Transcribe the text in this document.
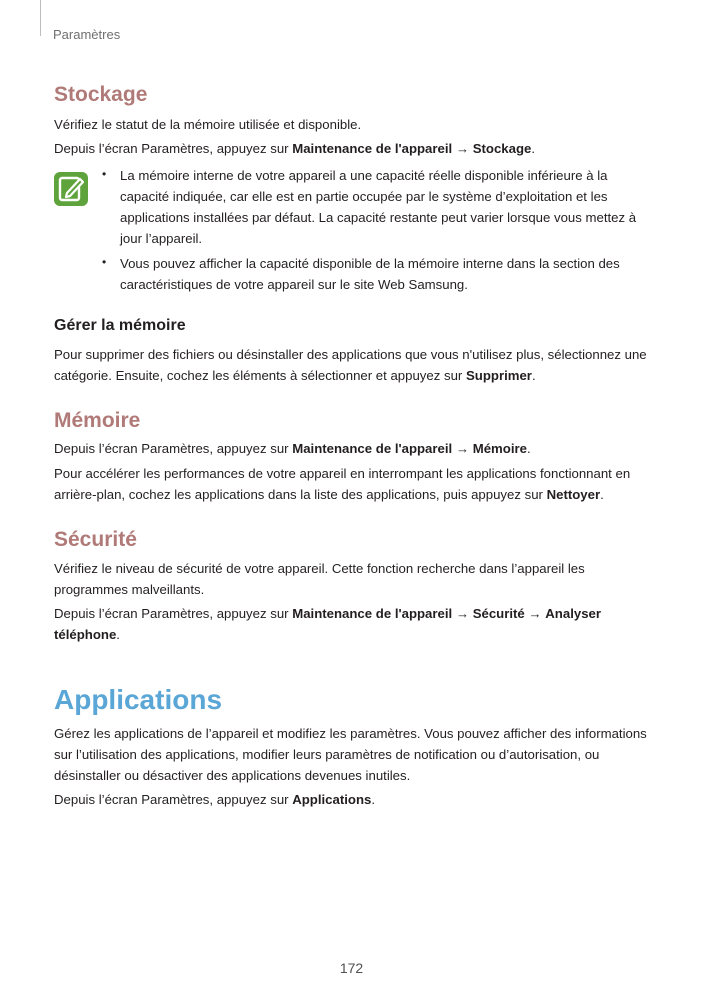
Paramètres
Stockage
Vérifiez le statut de la mémoire utilisée et disponible.
Depuis l’écran Paramètres, appuyez sur Maintenance de l'appareil → Stockage.
• La mémoire interne de votre appareil a une capacité réelle disponible inférieure à la capacité indiquée, car elle est en partie occupée par le système d’exploitation et les applications installées par défaut. La capacité restante peut varier lorsque vous mettez à jour l’appareil.
• Vous pouvez afficher la capacité disponible de la mémoire interne dans la section des caractéristiques de votre appareil sur le site Web Samsung.
Gérer la mémoire
Pour supprimer des fichiers ou désinstaller des applications que vous n'utilisez plus, sélectionnez une catégorie. Ensuite, cochez les éléments à sélectionner et appuyez sur Supprimer.
Mémoire
Depuis l’écran Paramètres, appuyez sur Maintenance de l'appareil → Mémoire.
Pour accélérer les performances de votre appareil en interrompant les applications fonctionnant en arrière-plan, cochez les applications dans la liste des applications, puis appuyez sur Nettoyer.
Sécurité
Vérifiez le niveau de sécurité de votre appareil. Cette fonction recherche dans l’appareil les programmes malveillants.
Depuis l’écran Paramètres, appuyez sur Maintenance de l'appareil → Sécurité → Analyser téléphone.
Applications
Gérez les applications de l’appareil et modifiez les paramètres. Vous pouvez afficher des informations sur l’utilisation des applications, modifier leurs paramètres de notification ou d’autorisation, ou désinstaller ou désactiver des applications devenues inutiles.
Depuis l’écran Paramètres, appuyez sur Applications.
172
